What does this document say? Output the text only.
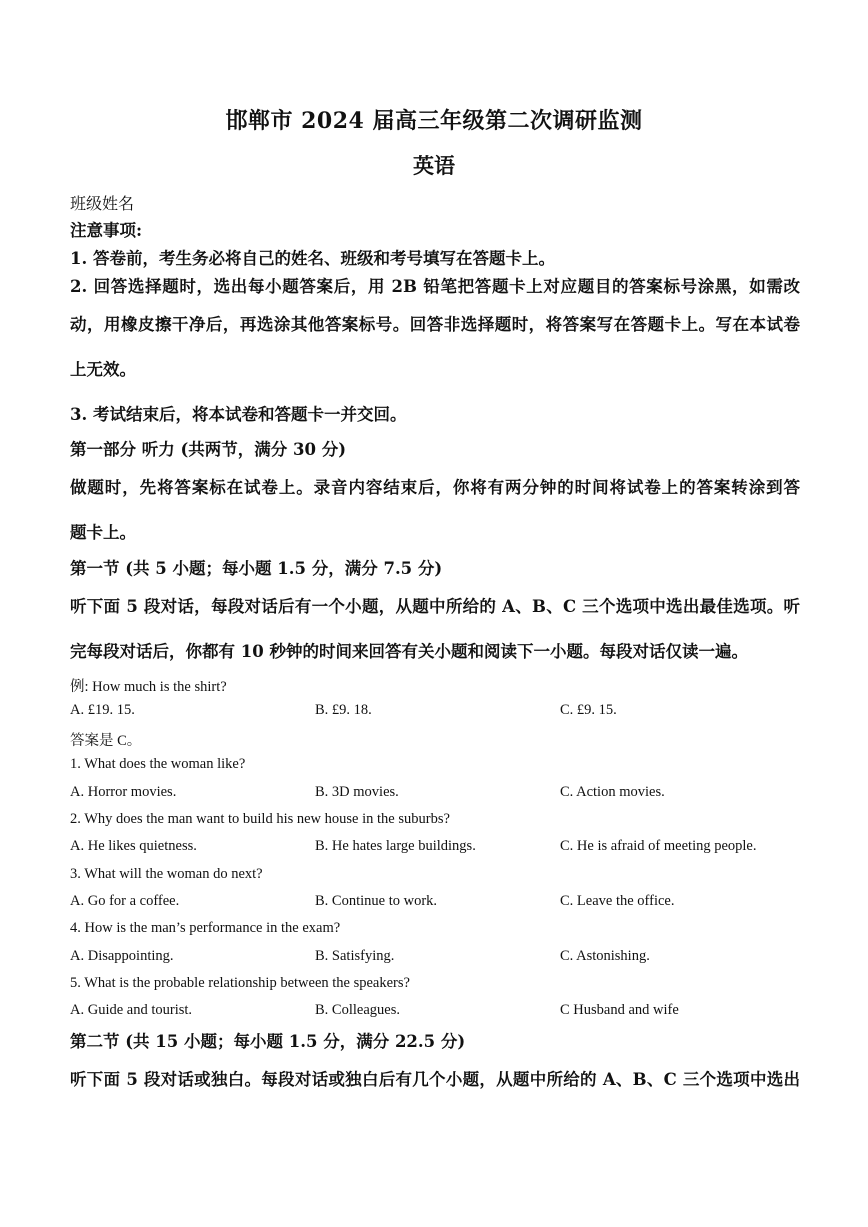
邯郸市 2024 届高三年级第二次调研监测
英语
班级姓名
注意事项:
1. 答卷前，考生务必将自己的姓名、班级和考号填写在答题卡上。
2. 回答选择题时，选出每小题答案后，用 2B 铅笔把答题卡上对应题目的答案标号涂黑，如需改
动，用橡皮擦干净后，再选涂其他答案标号。回答非选择题时，将答案写在答题卡上。写在本试卷
上无效。
3. 考试结束后，将本试卷和答题卡一并交回。
第一部分 听力 (共两节，满分 30 分)
做题时，先将答案标在试卷上。录音内容结束后，你将有两分钟的时间将试卷上的答案转涂到答
题卡上。
第一节 (共 5 小题；每小题 1.5 分，满分 7.5 分)
听下面 5 段对话，每段对话后有一个小题，从题中所给的 A、B、C 三个选项中选出最佳选项。听
完每段对话后，你都有 10 秒钟的时间来回答有关小题和阅读下一小题。每段对话仅读一遍。
例: How much is the shirt?
A. £19. 15.	B. £9. 18.	C. £9. 15.
答案是 C。
1. What does the woman like?
A. Horror movies.	B. 3D movies.	C. Action movies.
2. Why does the man want to build his new house in the suburbs?
A. He likes quietness.	B. He hates large buildings.	C. He is afraid of meeting people.
3. What will the woman do next?
A. Go for a coffee.	B. Continue to work.	C. Leave the office.
4. How is the man’s performance in the exam?
A. Disappointing.	B. Satisfying.	C. Astonishing.
5. What is the probable relationship between the speakers?
A. Guide and tourist.	B. Colleagues.	C Husband and wife
第二节 (共 15 小题；每小题 1.5 分，满分 22.5 分)
听下面 5 段对话或独白。每段对话或独白后有几个小题，从题中所给的 A、B、C 三个选项中选出
